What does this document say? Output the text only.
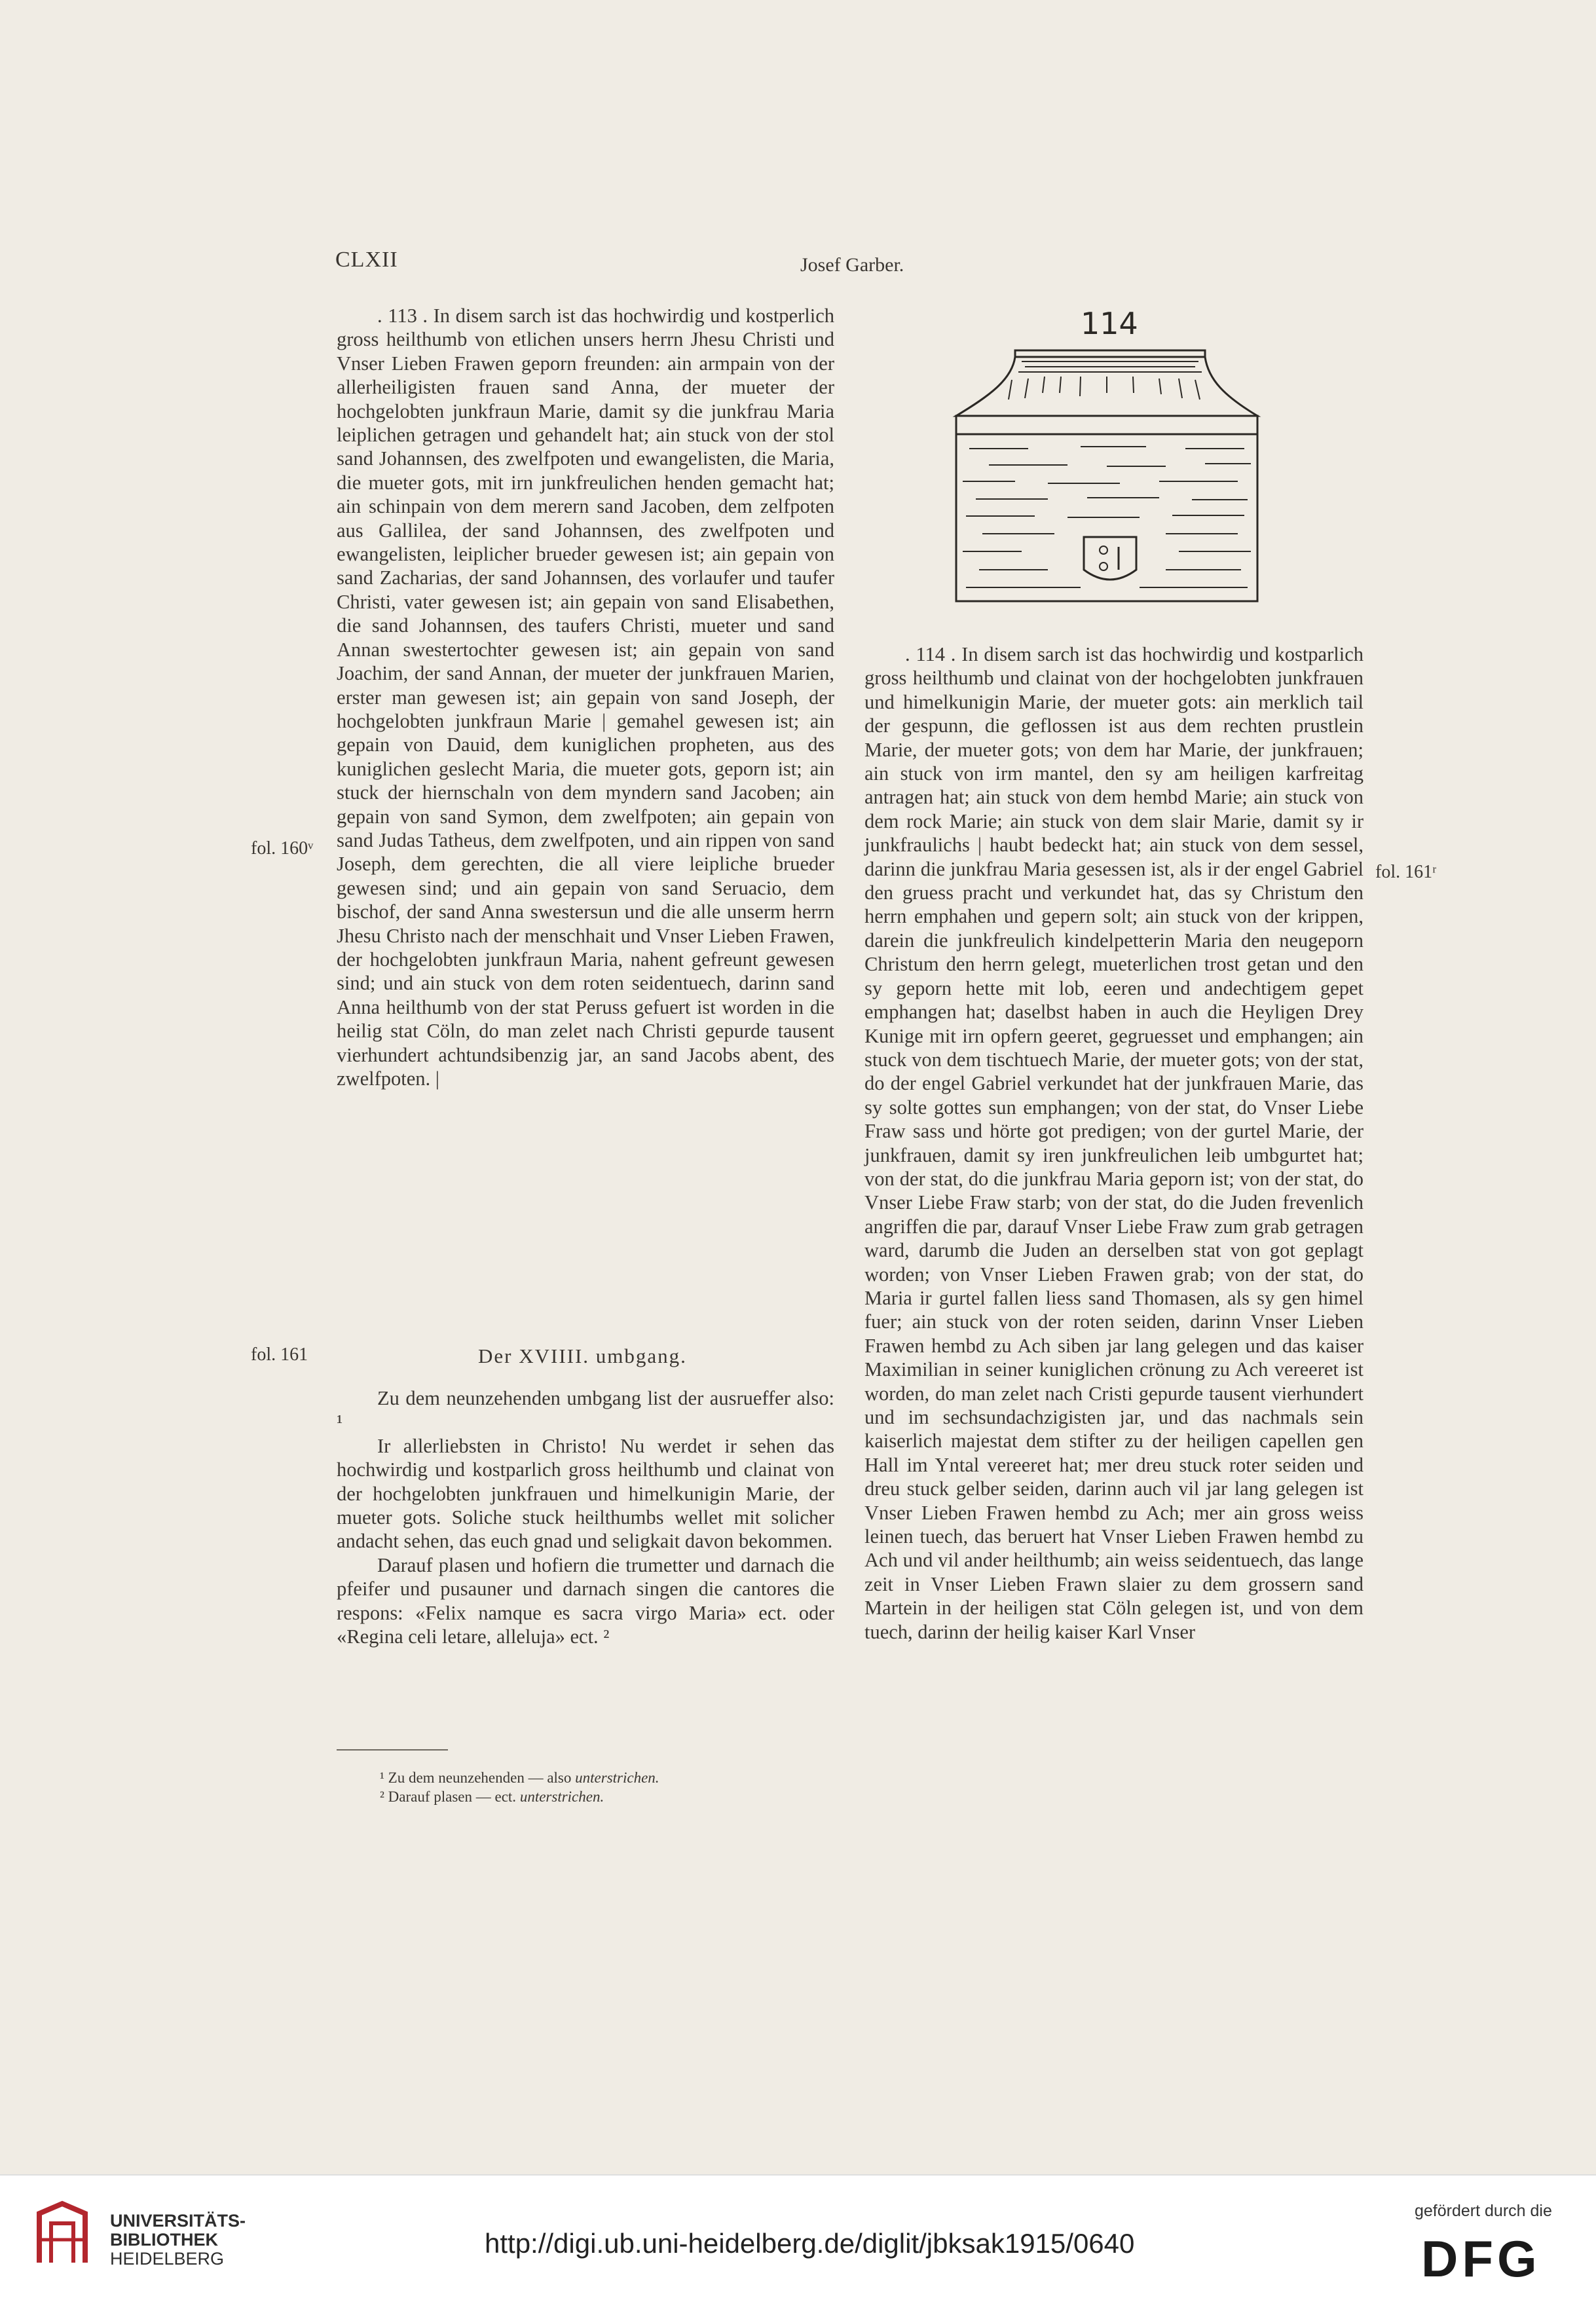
CLXII	Josef Garber.
114
fol. 160ᵛ
fol. 161
fol. 161ʳ

. 113 . In disem sarch ist das hochwirdig und kostperlich gross heilthumb von etlichen unsers herrn Jhesu Christi und Vnser Lieben Frawen geporn freunden: ain armpain von der allerheiligisten frauen sand Anna, der mueter der hochgelobten junkfraun Marie, damit sy die junkfrau Maria leiplichen getragen und gehandelt hat; ain stuck von der stol sand Johannsen, des zwelfpoten und ewangelisten, die Maria, die mueter gots, mit irn junkfreulichen henden gemacht hat; ain schinpain von dem merern sand Jacoben, dem zelfpoten aus Gallilea, der sand Johannsen, des zwelfpoten und ewangelisten, leiplicher brueder gewesen ist; ain gepain von sand Zacharias, der sand Johannsen, des vorlaufer und taufer Christi, vater gewesen ist; ain gepain von sand Elisabethen, die sand Johannsen, des taufers Christi, mueter und sand Annan swestertochter gewesen ist; ain gepain von sand Joachim, der sand Annan, der mueter der junkfrauen Marien, erster man gewesen ist; ain gepain von sand Joseph, der hochgelobten junkfraun Marie | gemahel gewesen ist; ain gepain von Dauid, dem kuniglichen propheten, aus des kuniglichen geslecht Maria, die mueter gots, geporn ist; ain stuck der hiernschaln von dem myndern sand Jacoben; ain gepain von sand Symon, dem zwelfpoten; ain gepain von sand Judas Tatheus, dem zwelfpoten, und ain rippen von sand Joseph, dem gerechten, die all viere leipliche brueder gewesen sind; und ain gepain von sand Seruacio, dem bischof, der sand Anna swestersun und die alle unserm herrn Jhesu Christo nach der menschhait und Vnser Lieben Frawen, der hochgelobten junkfraun Maria, nahent gefreunt gewesen sind; und ain stuck von dem roten seidentuech, darinn sand Anna heilthumb von der stat Peruss gefuert ist worden in die heilig stat Cöln, do man zelet nach Christi gepurde tausent vierhundert achtundsibenzig jar, an sand Jacobs abent, des zwelfpoten. |

Der XVIIII. umbgang.

Zu dem neunzehenden umbgang list der ausrueffer also: ¹

Ir allerliebsten in Christo! Nu werdet ir sehen das hochwirdig und kostparlich gross heilthumb und clainat von der hochgelobten junkfrauen und himelkunigin Marie, der mueter gots. Soliche stuck heilthumbs wellet mit solicher andacht sehen, das euch gnad und seligkait davon bekommen.

Darauf plasen und hofiern die trumetter und darnach die pfeifer und pusauner und darnach singen die cantores die respons: «Felix namque es sacra virgo Maria» ect. oder «Regina celi letare, alleluja» ect. ²

¹ Zu dem neunzehenden — also unterstrichen.

² Darauf plasen — ect. unterstrichen.

. 114 . In disem sarch ist das hochwirdig und kostparlich gross heilthumb und clainat von der hochgelobten junkfrauen und himelkunigin Marie, der mueter gots: ain merklich tail der gespunn, die geflossen ist aus dem rechten prustlein Marie, der mueter gots; von dem har Marie, der junkfrauen; ain stuck von irm mantel, den sy am heiligen karfreitag antragen hat; ain stuck von dem hembd Marie; ain stuck von dem rock Marie; ain stuck von dem slair Marie, damit sy ir junkfraulichs | haubt bedeckt hat; ain stuck von dem sessel, darinn die junkfrau Maria gesessen ist, als ir der engel Gabriel den gruess pracht und verkundet hat, das sy Christum den herrn emphahen und gepern solt; ain stuck von der krippen, darein die junkfreulich kindelpetterin Maria den neugeporn Christum den herrn gelegt, mueterlichen trost getan und den sy geporn hette mit lob, eeren und andechtigem gepet emphangen hat; daselbst haben in auch die Heyligen Drey Kunige mit irn opfern geeret, gegruesset und emphangen; ain stuck von dem tischtuech Marie, der mueter gots; von der stat, do der engel Gabriel verkundet hat der junkfrauen Marie, das sy solte gottes sun emphangen; von der stat, do Vnser Liebe Fraw sass und hörte got predigen; von der gurtel Marie, der junkfrauen, damit sy iren junkfreulichen leib umbgurtet hat; von der stat, do die junkfrau Maria geporn ist; von der stat, do Vnser Liebe Fraw starb; von der stat, do die Juden frevenlich angriffen die par, darauf Vnser Liebe Fraw zum grab getragen ward, darumb die Juden an derselben stat von got geplagt worden; von Vnser Lieben Frawen grab; von der stat, do Maria ir gurtel fallen liess sand Thomasen, als sy gen himel fuer; ain stuck von der roten seiden, darinn Vnser Lieben Frawen hembd zu Ach siben jar lang gelegen und das kaiser Maximilian in seiner kuniglichen crönung zu Ach vereeret ist worden, do man zelet nach Cristi gepurde tausent vierhundert und im sechsundachzigisten jar, und das nachmals sein kaiserlich majestat dem stifter zu der heiligen capellen gen Hall im Yntal vereeret hat; mer dreu stuck roter seiden und dreu stuck gelber seiden, darinn auch vil jar lang gelegen ist Vnser Lieben Frawen hembd zu Ach; mer ain gross weiss leinen tuech, das beruert hat Vnser Lieben Frawen hembd zu Ach und vil ander heilthumb; ain weiss seidentuech, das lange zeit in Vnser Lieben Frawn slaier zu dem grossern sand Martein in der heiligen stat Cöln gelegen ist, und von dem tuech, darinn der heilig kaiser Karl Vnser

UNIVERSITÄTS-
BIBLIOTHEK
HEIDELBERG	http://digi.ub.uni-heidelberg.de/diglit/jbksak1915/0640
gefördert durch die
DFG
